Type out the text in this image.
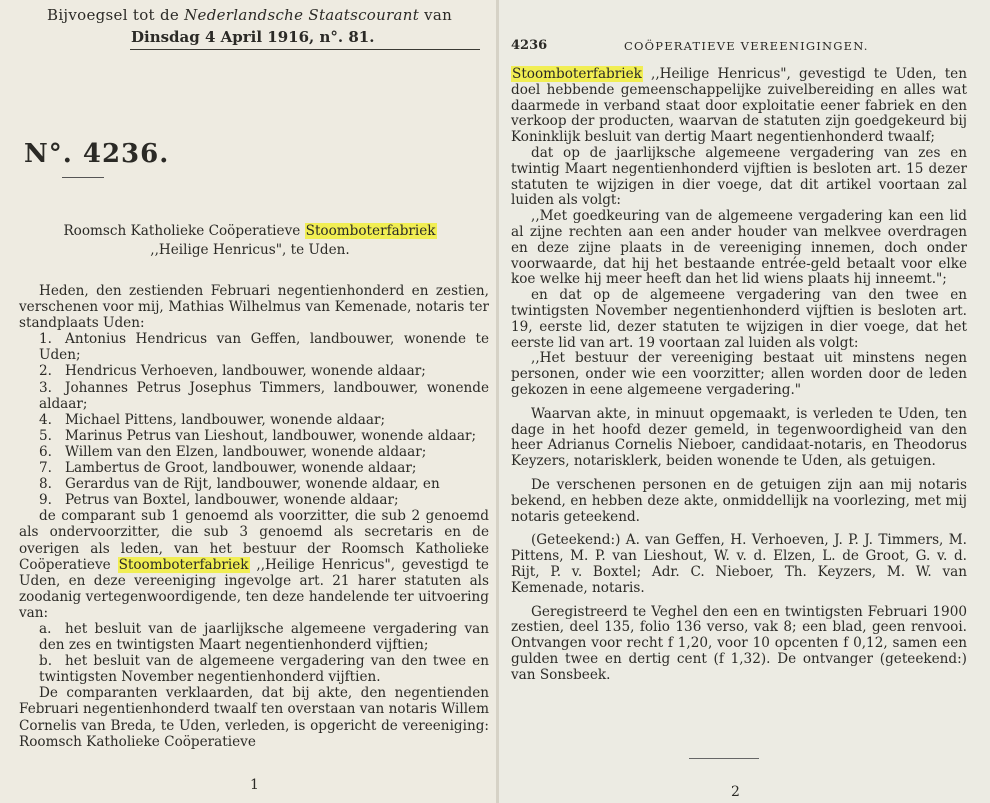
Bijvoegsel tot de Nederlandsche Staatscourant van
Dinsdag 4 April 1916, n°. 81.
N°. 4236.
Roomsch Katholieke Coöperatieve Stoomboterfabriek
,,Heilige Henricus", te Uden.

Heden, den zestienden Februari negentienhonderd en zestien, verschenen voor mij, Mathias Wilhelmus van Kemenade, notaris ter standplaats Uden:

1. Antonius Hendricus van Geffen, landbouwer, wonende te Uden;

2. Hendricus Verhoeven, landbouwer, wonende aldaar;

3. Johannes Petrus Josephus Timmers, landbouwer, wonende aldaar;

4. Michael Pittens, landbouwer, wonende aldaar;

5. Marinus Petrus van Lieshout, landbouwer, wonende aldaar;

6. Willem van den Elzen, landbouwer, wonende aldaar;

7. Lambertus de Groot, landbouwer, wonende aldaar;

8. Gerardus van de Rijt, landbouwer, wonende aldaar, en

9. Petrus van Boxtel, landbouwer, wonende aldaar;

de comparant sub 1 genoemd als voorzitter, die sub 2 genoemd als ondervoorzitter, die sub 3 genoemd als secretaris en de overigen als leden, van het bestuur der Roomsch Katholieke Coöperatieve Stoomboterfabriek ,,Heilige Henricus", gevestigd te Uden, en deze vereeniging ingevolge art. 21 harer statuten als zoodanig vertegenwoordigende, ten deze handelende ter uitvoering van:

a. het besluit van de jaarlijksche algemeene vergadering van den zes en twintigsten Maart negentienhonderd vijftien;

b. het besluit van de algemeene vergadering van den twee en twintigsten November negentienhonderd vijftien.

De comparanten verklaarden, dat bij akte, den negentienden Februari negentienhonderd twaalf ten overstaan van notaris Willem Cornelis van Breda, te Uden, verleden, is opgericht de vereeniging: Roomsch Katholieke Coöperatieve

1
4236	COÖPERATIEVE VEREENIGINGEN.

Stoomboterfabriek ,,Heilige Henricus", gevestigd te Uden, ten doel hebbende gemeenschappelijke zuivelbereiding en alles wat daarmede in verband staat door exploitatie eener fabriek en den verkoop der producten, waarvan de statuten zijn goedgekeurd bij Koninklijk besluit van dertig Maart negentienhonderd twaalf;

dat op de jaarlijksche algemeene vergadering van zes en twintig Maart negentienhonderd vijftien is besloten art. 15 dezer statuten te wijzigen in dier voege, dat dit artikel voortaan zal luiden als volgt:

,,Met goedkeuring van de algemeene vergadering kan een lid al zijne rechten aan een ander houder van melkvee overdragen en deze zijne plaats in de vereeniging innemen, doch onder voorwaarde, dat hij het bestaande entrée-geld betaalt voor elke koe welke hij meer heeft dan het lid wiens plaats hij inneemt.";

en dat op de algemeene vergadering van den twee en twintigsten November negentienhonderd vijftien is besloten art. 19, eerste lid, dezer statuten te wijzigen in dier voege, dat het eerste lid van art. 19 voortaan zal luiden als volgt:

,,Het bestuur der vereeniging bestaat uit minstens negen personen, onder wie een voorzitter; allen worden door de leden gekozen in eene algemeene vergadering."

Waarvan akte, in minuut opgemaakt, is verleden te Uden, ten dage in het hoofd dezer gemeld, in tegenwoordigheid van den heer Adrianus Cornelis Nieboer, candidaat-notaris, en Theodorus Keyzers, notarisklerk, beiden wonende te Uden, als getuigen.

De verschenen personen en de getuigen zijn aan mij notaris bekend, en hebben deze akte, onmiddellijk na voorlezing, met mij notaris geteekend.

(Geteekend:) A. van Geffen, H. Verhoeven, J. P. J. Timmers, M. Pittens, M. P. van Lieshout, W. v. d. Elzen, L. de Groot, G. v. d. Rijt, P. v. Boxtel; Adr. C. Nieboer, Th. Keyzers, M. W. van Kemenade, notaris.

Geregistreerd te Veghel den een en twintigsten Februari 1900 zestien, deel 135, folio 136 verso, vak 8; een blad, geen renvooi. Ontvangen voor recht f 1,20, voor 10 opcenten f 0,12, samen een gulden twee en dertig cent (f 1,32). De ontvanger (geteekend:) van Sonsbeek.

2
